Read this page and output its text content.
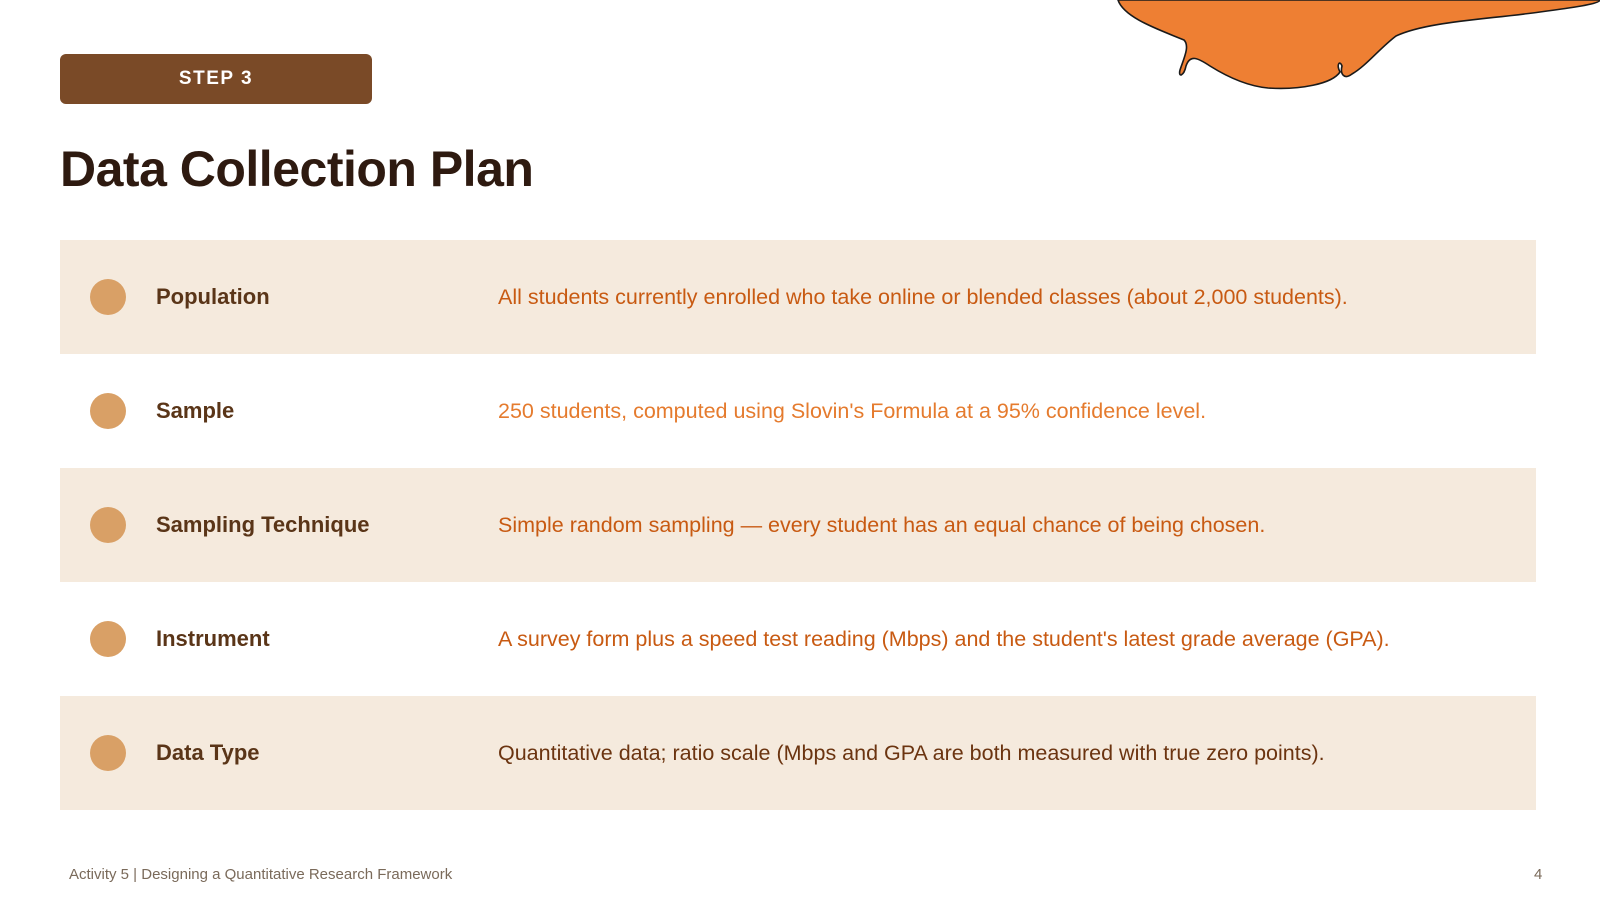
STEP 3
Data Collection Plan
Population	All students currently enrolled who take online or blended classes (about 2,000 students).
Sample	250 students, computed using Slovin's Formula at a 95% confidence level.
Sampling Technique	Simple random sampling — every student has an equal chance of being chosen.
Instrument	A survey form plus a speed test reading (Mbps) and the student's latest grade average (GPA).
Data Type	Quantitative data; ratio scale (Mbps and GPA are both measured with true zero points).
Activity 5 | Designing a Quantitative Research Framework	4
